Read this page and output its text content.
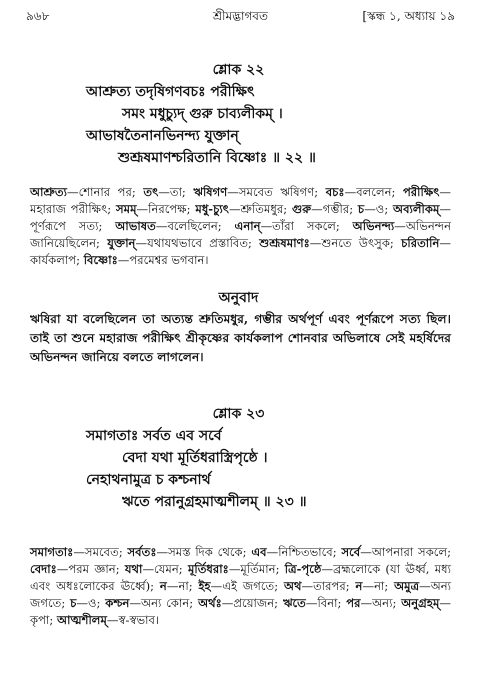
৯৬৮	শ্রীমদ্ভাগবত	[স্কন্ধ ১, অধ্যায় ১৯
শ্লোক ২২
আশ্রুত্য তদৃষিগণবচঃ পরীক্ষিৎ
সমং মধুচ্যুদ্ গুরু চাব্যলীকম্ ।
আভাষতৈনানভিনন্দ্য যুক্তান্
শুশ্রূষমাণশ্চরিতানি বিষ্ণোঃ ॥ ২২ ॥
আশ্রুত্য—শোনার পর; তৎ—তা; ঋষিগণ—সমবেত ঋষিগণ; বচঃ—বললেন; পরীক্ষিৎ—মহারাজ পরীক্ষিৎ; সমম্—নিরপেক্ষ; মধু-চ্যুৎ—শ্রুতিমধুর; গুরু—গম্ভীর; চ—ও; অব্যলীকম্—পূর্ণরূপে সত্য; আভাষত—বলেছিলেন; এনান্—তাঁরা সকলে; অভিনন্দ্য—অভিনন্দন জানিয়েছিলেন; যুক্তান্—যথাযথভাবে প্রস্তাবিত; শুশ্রূষমাণঃ—শুনতে উৎসুক; চরিতানি—কার্যকলাপ; বিষ্ণোঃ—পরমেশ্বর ভগবান।
অনুবাদ
ঋষিরা যা বলেছিলেন তা অত্যন্ত শ্রুতিমধুর, গম্ভীর অর্থপূর্ণ এবং পূর্ণরূপে সত্য ছিল। তাই তা শুনে মহারাজ পরীক্ষিৎ শ্রীকৃষ্ণের কার্যকলাপ শোনবার অভিলাষে সেই মহর্ষিদের অভিনন্দন জানিয়ে বলতে লাগলেন।
শ্লোক ২৩
সমাগতাঃ সর্বত এব সর্বে
বেদা যথা মূর্তিধরাস্ত্রিপৃষ্ঠে ।
নেহাথনামুত্র চ কশ্চনার্থ
ঋতে পরানুগ্রহমাত্মশীলম্ ॥ ২৩ ॥
সমাগতাঃ—সমবেত; সর্বতঃ—সমস্ত দিক থেকে; এব—নিশ্চিতভাবে; সর্বে—আপনারা সকলে; বেদাঃ—পরম জ্ঞান; যথা—যেমন; মূর্তিধরাঃ—মূর্তিমান; ত্রি-পৃষ্ঠে—ব্রহ্মলোকে (যা ঊর্ধ্ব, মধ্য এবং অধঃলোকের ঊর্ধ্বে); ন—না; ইহ—এই জগতে; অথ—তারপর; ন—না; অমুত্র—অন্য জগতে; চ—ও; কশ্চন—অন্য কোন; অর্থঃ—প্রয়োজন; ঋতে—বিনা; পর—অন্য; অনুগ্রহম্—কৃপা; আত্মশীলম্—স্ব-স্বভাব।
